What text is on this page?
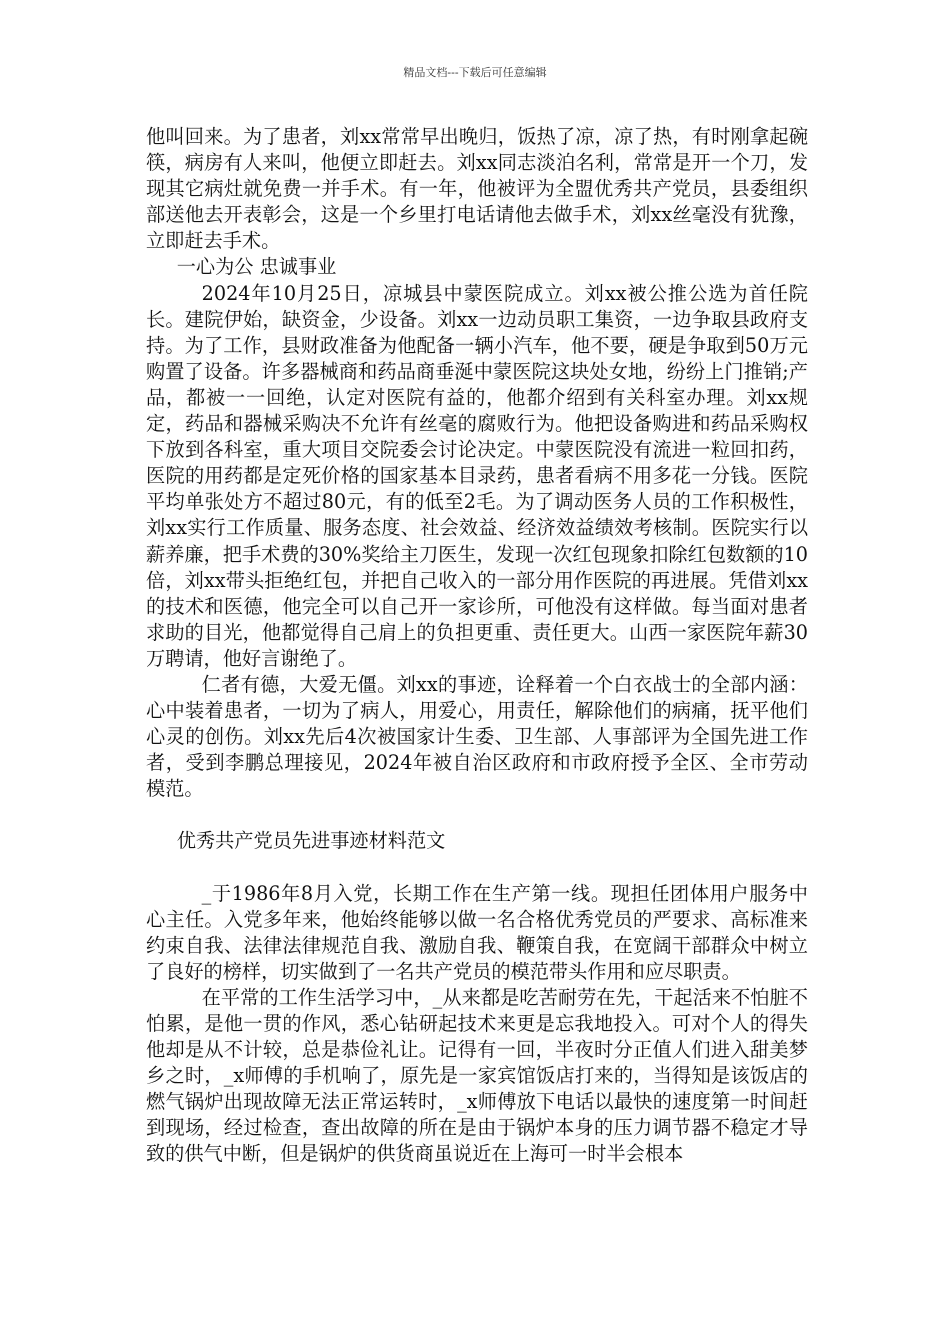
精品文档---下载后可任意编辑

他叫回来。为了患者，刘xx常常早出晚归，饭热了凉，凉了热，有时刚拿起碗筷，病房有人来叫，他便立即赶去。刘xx同志淡泊名利，常常是开一个刀，发现其它病灶就免费一并手术。有一年，他被评为全盟优秀共产党员，县委组织部送他去开表彰会，这是一个乡里打电话请他去做手术，刘xx丝毫没有犹豫，立即赶去手术。

一心为公 忠诚事业

2024年10月25日，凉城县中蒙医院成立。刘xx被公推公选为首任院长。建院伊始，缺资金，少设备。刘xx一边动员职工集资，一边争取县政府支持。为了工作，县财政准备为他配备一辆小汽车，他不要，硬是争取到50万元购置了设备。许多器械商和药品商垂涎中蒙医院这块处女地，纷纷上门推销;产品，都被一一回绝，认定对医院有益的，他都介绍到有关科室办理。刘xx规定，药品和器械采购决不允许有丝毫的腐败行为。他把设备购进和药品采购权下放到各科室，重大项目交院委会讨论决定。中蒙医院没有流进一粒回扣药，医院的用药都是定死价格的国家基本目录药，患者看病不用多花一分钱。医院平均单张处方不超过80元，有的低至2毛。为了调动医务人员的工作积极性，刘xx实行工作质量、服务态度、社会效益、经济效益绩效考核制。医院实行以薪养廉，把手术费的30%奖给主刀医生，发现一次红包现象扣除红包数额的10倍，刘xx带头拒绝红包，并把自己收入的一部分用作医院的再进展。凭借刘xx的技术和医德，他完全可以自己开一家诊所，可他没有这样做。每当面对患者求助的目光，他都觉得自己肩上的负担更重、责任更大。山西一家医院年薪30万聘请，他好言谢绝了。

仁者有德，大爱无僵。刘xx的事迹，诠释着一个白衣战士的全部内涵：心中装着患者，一切为了病人，用爱心，用责任，解除他们的病痛，抚平他们心灵的创伤。刘xx先后4次被国家计生委、卫生部、人事部评为全国先进工作者，受到李鹏总理接见，2024年被自治区政府和市政府授予全区、全市劳动模范。

优秀共产党员先进事迹材料范文

_于1986年8月入党，长期工作在生产第一线。现担任团体用户服务中心主任。入党多年来，他始终能够以做一名合格优秀党员的严要求、高标准来约束自我、法律法律规范自我、激励自我、鞭策自我，在宽阔干部群众中树立了良好的榜样，切实做到了一名共产党员的模范带头作用和应尽职责。

在平常的工作生活学习中，_从来都是吃苦耐劳在先，干起活来不怕脏不怕累，是他一贯的作风，悉心钻研起技术来更是忘我地投入。可对个人的得失他却是从不计较，总是恭俭礼让。记得有一回，半夜时分正值人们进入甜美梦乡之时，_x师傅的手机响了，原先是一家宾馆饭店打来的，当得知是该饭店的燃气锅炉出现故障无法正常运转时，_x师傅放下电话以最快的速度第一时间赶到现场，经过检查，查出故障的所在是由于锅炉本身的压力调节器不稳定才导致的供气中断，但是锅炉的供货商虽说近在上海可一时半会根本
